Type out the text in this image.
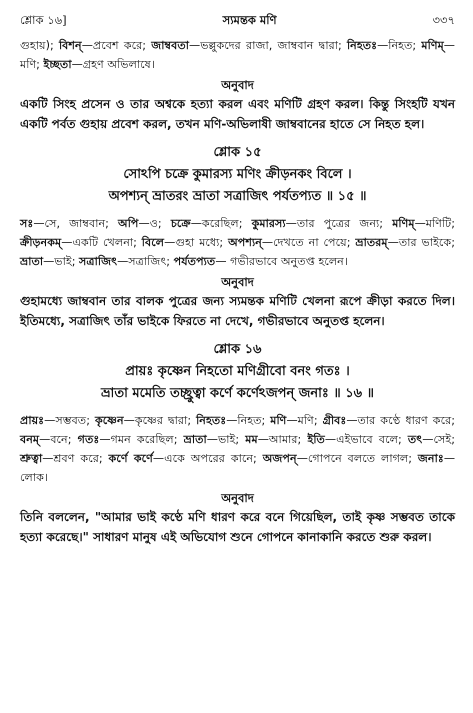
শ্লোক ১৬]	স্যমন্তক মণি	৩৩৭

গুহায়); বিশন্—প্রবেশ করে; জাম্ববতা—ভল্লুকদের রাজা, জাম্ববান দ্বারা; নিহতঃ—নিহত; মণিম্—মণি; ইচ্ছতা—গ্রহণ অভিলাষে।

অনুবাদ

একটি সিংহ প্রসেন ও তার অশ্বকে হত্যা করল এবং মণিটি গ্রহণ করল। কিন্তু সিংহটি যখন একটি পর্বত গুহায় প্রবেশ করল, তখন মণি-অভিলাষী জাম্ববানের হাতে সে নিহত হল।

শ্লোক ১৫
সোঽপি চক্রে কুমারস্য মণিং ক্রীড়নকং বিলে ।
অপশ্যন্ ভ্রাতরং ভ্রাতা সত্রাজিৎ পর্যতপ্যত ॥ ১৫ ॥

সঃ—সে, জাম্ববান; অপি—ও; চক্রে—করেছিল; কুমারস্য—তার পুত্রের জন্য; মণিম্—মণিটি; ক্রীড়নকম্—একটি খেলনা; বিলে—গুহা মধ্যে; অপশ্যন্—দেখতে না পেয়ে; ভ্রাতরম্—তার ভাইকে; ভ্রাতা—ভাই; সত্রাজিৎ—সত্রাজিৎ; পর্যতপ্যত— গভীরভাবে অনুতপ্ত হলেন।

অনুবাদ

গুহামধ্যে জাম্ববান তার বালক পুত্রের জন্য স্যমন্তক মণিটি খেলনা রূপে ক্রীড়া করতে দিল। ইতিমধ্যে, সত্রাজিৎ তাঁর ভাইকে ফিরতে না দেখে, গভীরভাবে অনুতপ্ত হলেন।

শ্লোক ১৬
প্রায়ঃ কৃষ্ণেন নিহতো মণিগ্রীবো বনং গতঃ ।
ভ্রাতা মমেতি তচ্ছ্রুত্বা কর্ণে কর্ণেঽজপন্ জনাঃ ॥ ১৬ ॥

প্রায়ঃ—সম্ভবত; কৃষ্ণেন—কৃষ্ণের দ্বারা; নিহতঃ—নিহত; মণি—মণি; গ্রীবঃ—তার কণ্ঠে ধারণ করে; বনম্—বনে; গতঃ—গমন করেছিল; ভ্রাতা—ভাই; মম—আমার; ইতি—এইভাবে বলে; তৎ—সেই; শ্রুত্বা—শ্রবণ করে; কর্ণে কর্ণে—একে অপরের কানে; অজপন্—গোপনে বলতে লাগল; জনাঃ—লোক।

অনুবাদ

তিনি বললেন, "আমার ভাই কণ্ঠে মণি ধারণ করে বনে গিয়েছিল, তাই কৃষ্ণ সম্ভবত তাকে হত্যা করেছে।" সাধারণ মানুষ এই অভিযোগ শুনে গোপনে কানাকানি করতে শুরু করল।
